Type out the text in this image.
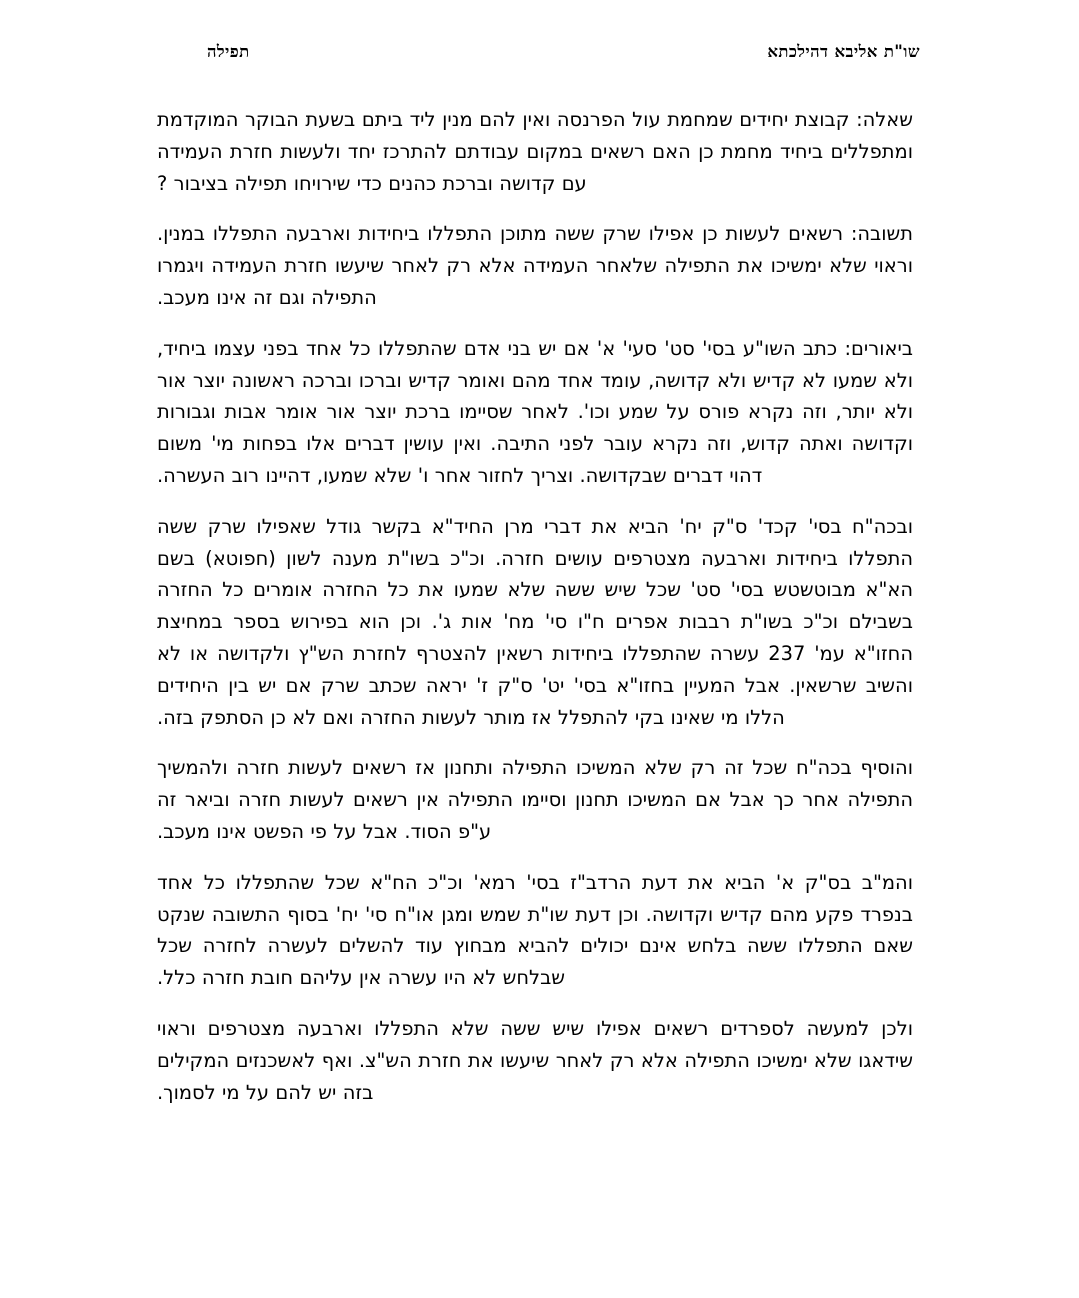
שו"ת אליבא דהילכתא
תפילה

שאלה: קבוצת יחידים שמחמת עול הפרנסה ואין להם מנין ליד ביתם בשעת הבוקר המוקדמת ומתפללים ביחיד מחמת כן האם רשאים במקום עבודתם להתרכז יחד ולעשות חזרת העמידה עם קדושה וברכת כהנים כדי שירויחו תפילה בציבור ?

תשובה: רשאים לעשות כן אפילו שרק ששה מתוכן התפללו ביחידות וארבעה התפללו במנין. וראוי שלא ימשיכו את התפילה שלאחר העמידה אלא רק לאחר שיעשו חזרת העמידה ויגמרו התפילה וגם זה אינו מעכב.

ביאורים: כתב השו"ע בסי' סט' סעי' א' אם יש בני אדם שהתפללו כל אחד בפני עצמו ביחיד, ולא שמעו לא קדיש ולא קדושה, עומד אחד מהם ואומר קדיש וברכו וברכה ראשונה יוצר אור ולא יותר, וזה נקרא פורס על שמע וכו'. לאחר שסיימו ברכת יוצר אור אומר אבות וגבורות וקדושה ואתה קדוש, וזה נקרא עובר לפני התיבה. ואין עושין דברים אלו בפחות מי' משום דהוי דברים שבקדושה. וצריך לחזור אחר ו' שלא שמעו, דהיינו רוב העשרה.

ובכה"ח בסי' קכד' ס"ק יח' הביא את דברי מרן החיד"א בקשר גודל שאפילו שרק ששה התפללו ביחידות וארבעה מצטרפים עושים חזרה. וכ"כ בשו"ת מענה לשון (חפוטא) בשם הא"א מבוטשטש בסי' סט' שכל שיש ששה שלא שמעו את כל החזרה אומרים כל החזרה בשבילם וכ"כ בשו"ת רבבות אפרים ח"ו סי' מח' אות ג'. וכן הוא בפירוש בספר במחיצת החזו"א עמ' 237 עשרה שהתפללו ביחידות רשאין להצטרף לחזרת הש"ץ ולקדושה או לא והשיב שרשאין. אבל המעיין בחזו"א בסי' יט' ס"ק ז' יראה שכתב שרק אם יש בין היחידים הללו מי שאינו בקי להתפלל אז מותר לעשות החזרה ואם לא כן הסתפק בזה.

והוסיף בכה"ח שכל זה רק שלא המשיכו התפילה ותחנון אז רשאים לעשות חזרה ולהמשיך התפילה אחר כך אבל אם המשיכו תחנון וסיימו התפילה אין רשאים לעשות חזרה וביאר זה ע"פ הסוד. אבל על פי הפשט אינו מעכב.

והמ"ב בס"ק א' הביא את דעת הרדב"ז בסי' רמא' וכ"כ הח"א שכל שהתפללו כל אחד בנפרד פקע מהם קדיש וקדושה. וכן דעת שו"ת שמש ומגן או"ח סי' יח' בסוף התשובה שנקט שאם התפללו ששה בלחש אינם יכולים להביא מבחוץ עוד להשלים לעשרה לחזרה שכל שבלחש לא היו עשרה אין עליהם חובת חזרה כלל.

ולכן למעשה לספרדים רשאים אפילו שיש ששה שלא התפללו וארבעה מצטרפים וראוי שידאגו שלא ימשיכו התפילה אלא רק לאחר שיעשו את חזרת הש"צ. ואף לאשכנזים המקילים בזה יש להם על מי לסמוך.
